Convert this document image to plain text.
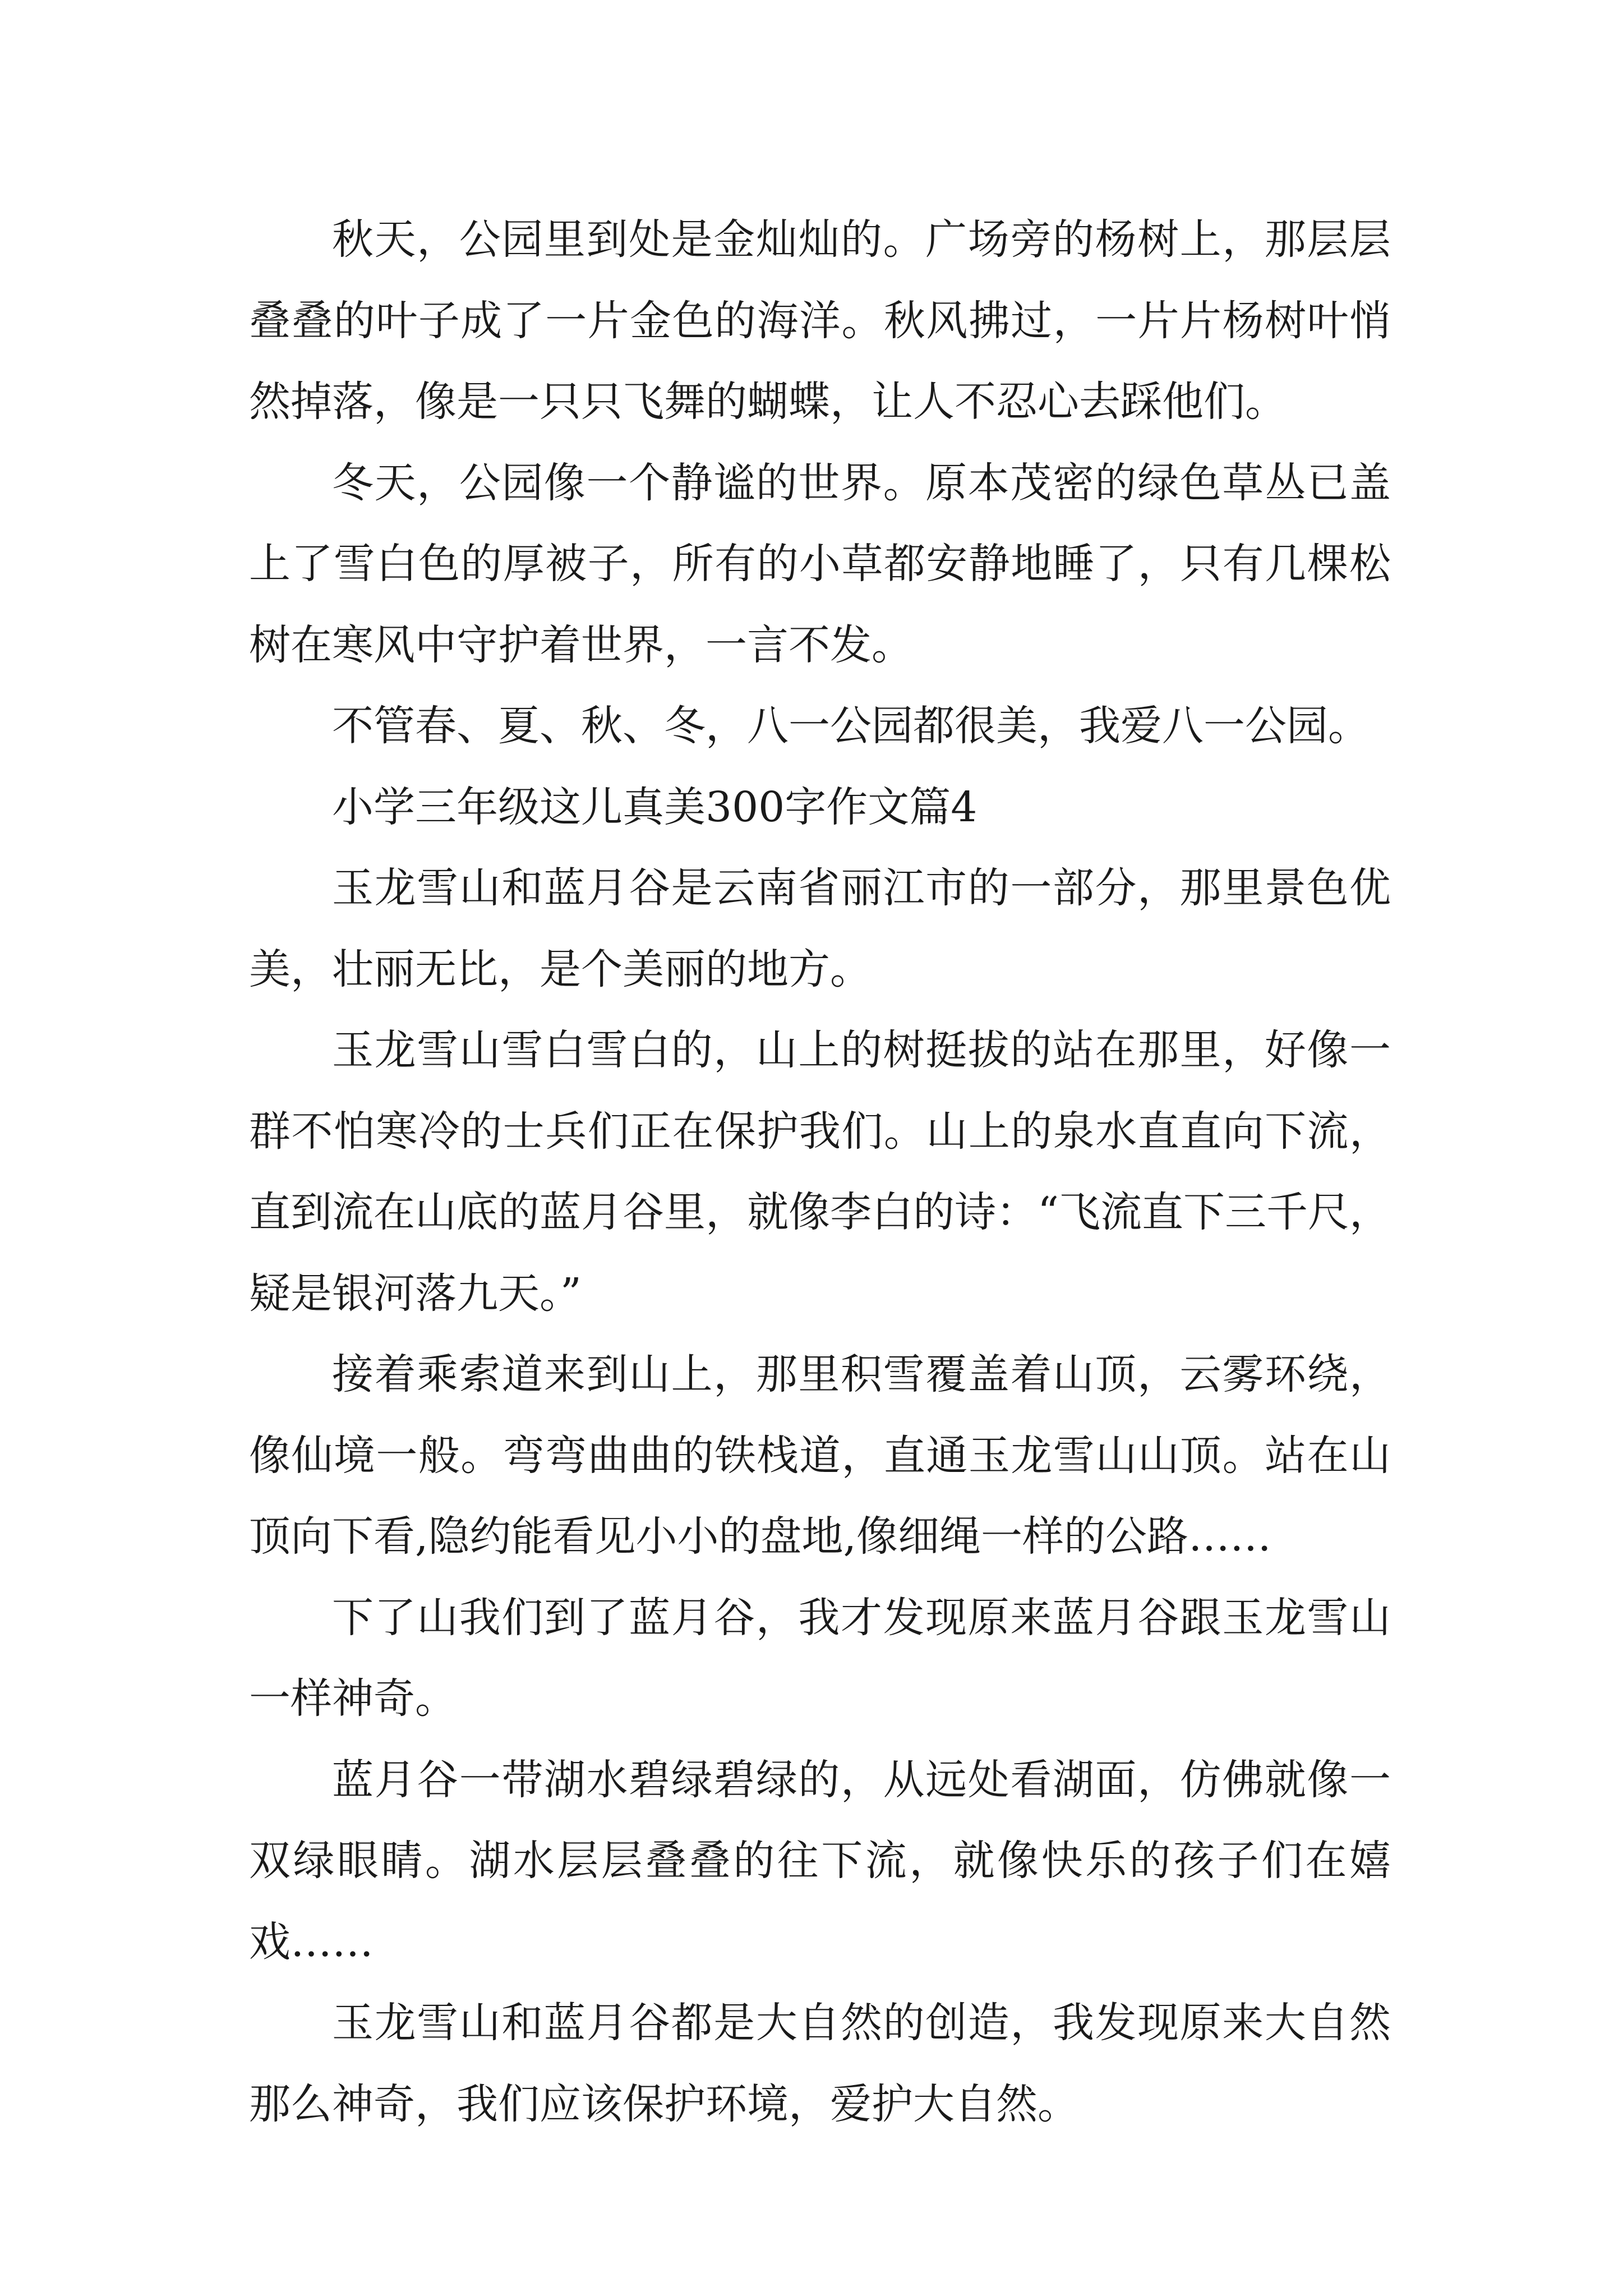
秋天，公园里到处是金灿灿的。广场旁的杨树上，那层层叠叠的叶子成了一片金色的海洋。秋风拂过，一片片杨树叶悄然掉落，像是一只只飞舞的蝴蝶，让人不忍心去踩他们。

冬天，公园像一个静谧的世界。原本茂密的绿色草丛已盖上了雪白色的厚被子，所有的小草都安静地睡了，只有几棵松树在寒风中守护着世界，一言不发。

不管春、夏、秋、冬，八一公园都很美，我爱八一公园。

小学三年级这儿真美300字作文篇4

玉龙雪山和蓝月谷是云南省丽江市的一部分，那里景色优美，壮丽无比，是个美丽的地方。

玉龙雪山雪白雪白的，山上的树挺拔的站在那里，好像一群不怕寒冷的士兵们正在保护我们。山上的泉水直直向下流，直到流在山底的蓝月谷里，就像李白的诗：“飞流直下三千尺，疑是银河落九天。”

接着乘索道来到山上，那里积雪覆盖着山顶，云雾环绕，像仙境一般。弯弯曲曲的铁栈道，直通玉龙雪山山顶。站在山顶向下看,隐约能看见小小的盘地,像细绳一样的公路……

下了山我们到了蓝月谷，我才发现原来蓝月谷跟玉龙雪山一样神奇。

蓝月谷一带湖水碧绿碧绿的，从远处看湖面，仿佛就像一双绿眼睛。湖水层层叠叠的往下流，就像快乐的孩子们在嬉戏……

玉龙雪山和蓝月谷都是大自然的创造，我发现原来大自然那么神奇，我们应该保护环境，爱护大自然。
